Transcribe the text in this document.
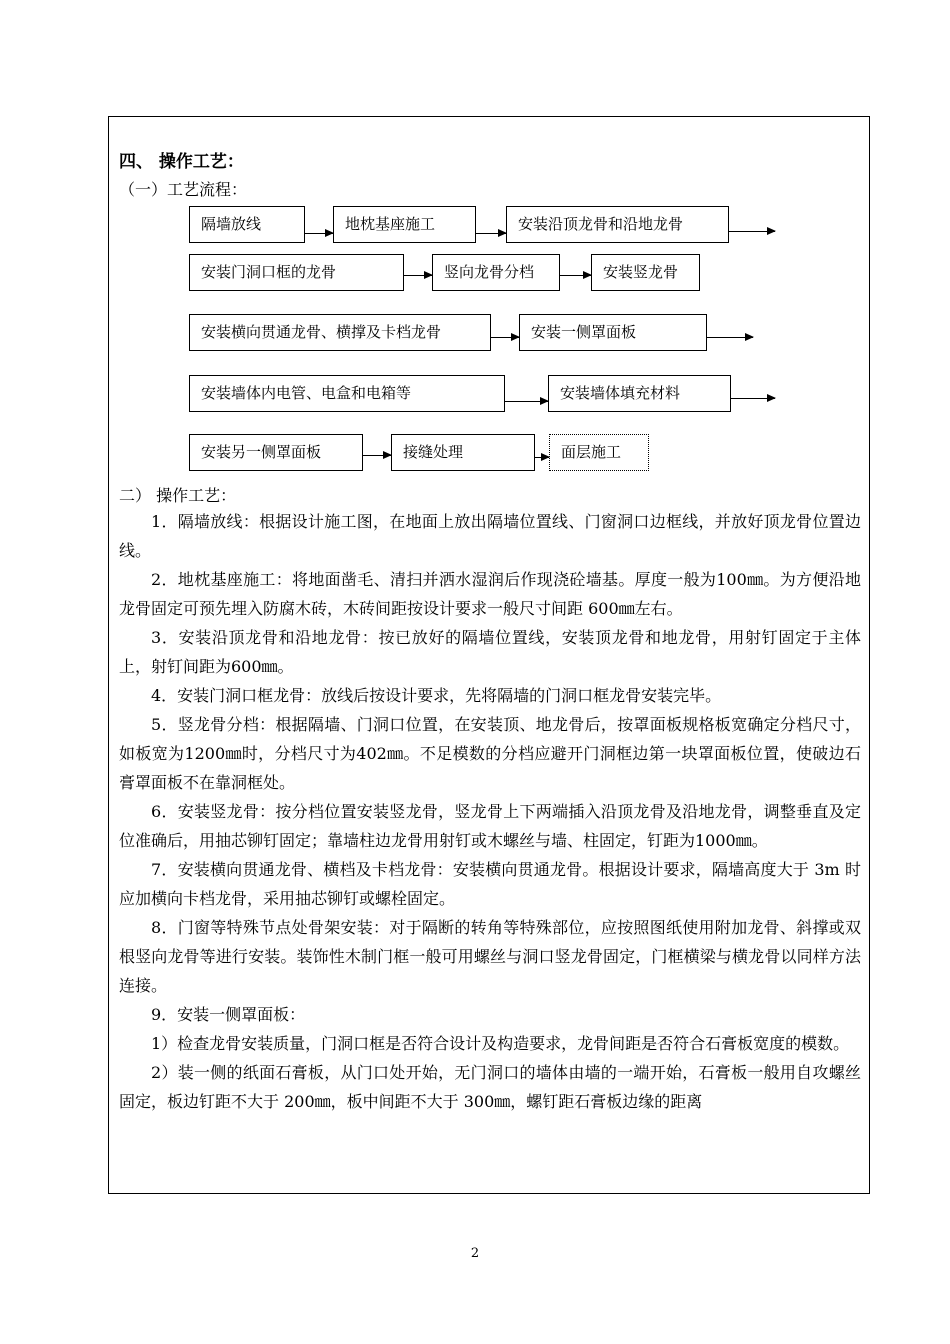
四、 操作工艺：
（一）工艺流程：
隔墙放线	地枕基座施工	安装沿顶龙骨和沿地龙骨
安装门洞口框的龙骨	竖向龙骨分档	安装竖龙骨
安装横向贯通龙骨、横撑及卡档龙骨	安装一侧罩面板
安装墙体内电管、电盒和电箱等	安装墙体填充材料
安装另一侧罩面板	接缝处理	面层施工
二） 操作工艺：

1．隔墙放线：根据设计施工图，在地面上放出隔墙位置线、门窗洞口边框线，并放好顶龙骨位置边线。

2．地枕基座施工：将地面凿毛、清扫并洒水湿润后作现浇砼墙基。厚度一般为100㎜。为方便沿地龙骨固定可预先埋入防腐木砖，木砖间距按设计要求一般尺寸间距 600㎜左右。

3．安装沿顶龙骨和沿地龙骨：按已放好的隔墙位置线，安装顶龙骨和地龙骨，用射钉固定于主体上，射钉间距为600㎜。

4．安装门洞口框龙骨：放线后按设计要求，先将隔墙的门洞口框龙骨安装完毕。

5．竖龙骨分档：根据隔墙、门洞口位置，在安装顶、地龙骨后，按罩面板规格板宽确定分档尺寸，如板宽为1200㎜时，分档尺寸为402㎜。不足模数的分档应避开门洞框边第一块罩面板位置，使破边石膏罩面板不在靠洞框处。

6．安装竖龙骨：按分档位置安装竖龙骨，竖龙骨上下两端插入沿顶龙骨及沿地龙骨，调整垂直及定位准确后，用抽芯铆钉固定；靠墙柱边龙骨用射钉或木螺丝与墙、柱固定，钉距为1000㎜。

7．安装横向贯通龙骨、横档及卡档龙骨：安装横向贯通龙骨。根据设计要求，隔墙高度大于 3m 时应加横向卡档龙骨，采用抽芯铆钉或螺栓固定。

8．门窗等特殊节点处骨架安装：对于隔断的转角等特殊部位，应按照图纸使用附加龙骨、斜撑或双根竖向龙骨等进行安装。装饰性木制门框一般可用螺丝与洞口竖龙骨固定，门框横梁与横龙骨以同样方法连接。

9．安装一侧罩面板：

1）检查龙骨安装质量，门洞口框是否符合设计及构造要求，龙骨间距是否符合石膏板宽度的模数。

2）装一侧的纸面石膏板，从门口处开始，无门洞口的墙体由墙的一端开始，石膏板一般用自攻螺丝固定，板边钉距不大于 200㎜，板中间距不大于 300㎜，螺钉距石膏板边缘的距离

2
